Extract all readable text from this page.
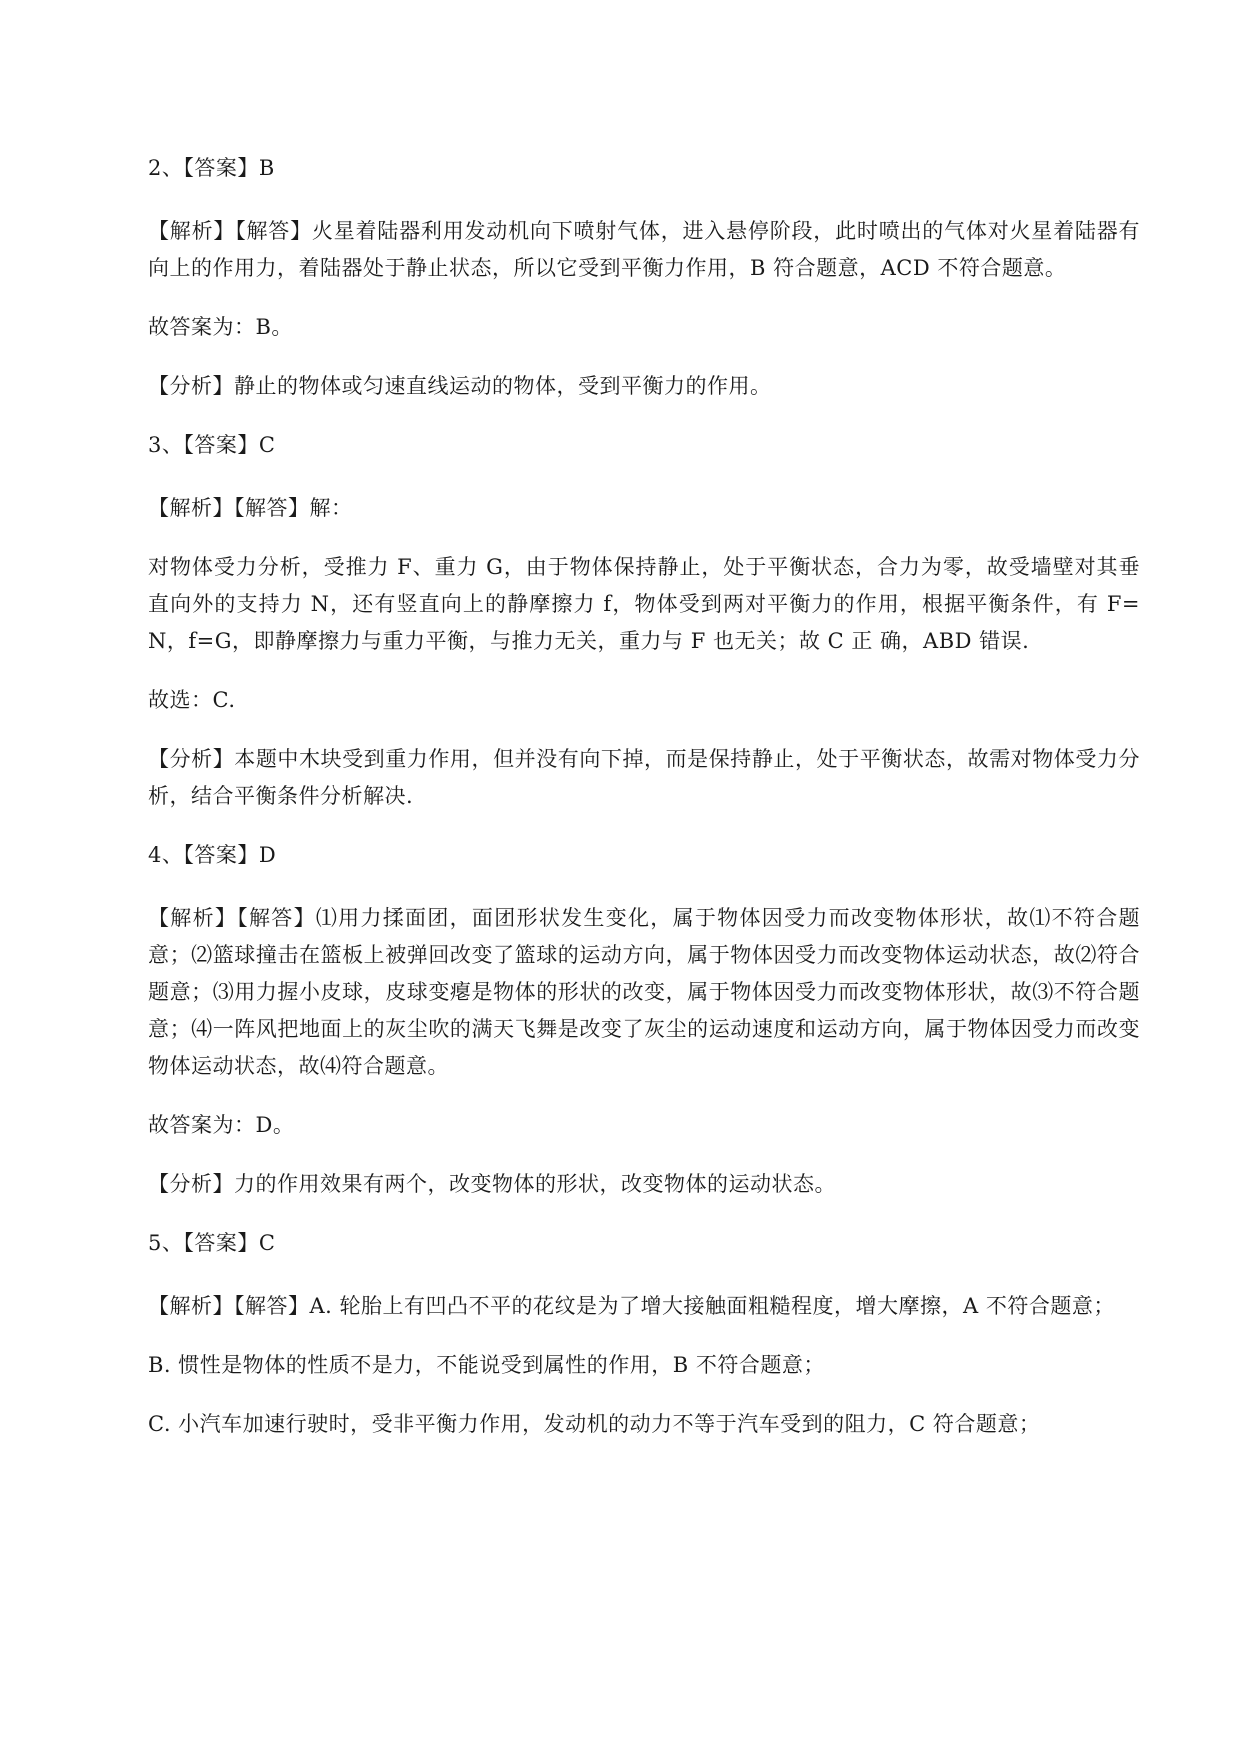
2、【答案】B

【解析】【解答】火星着陆器利用发动机向下喷射气体，进入悬停阶段，此时喷出的气体对火星着陆器有向上的作用力，着陆器处于静止状态，所以它受到平衡力作用，B 符合题意，ACD 不符合题意。

故答案为：B。

【分析】静止的物体或匀速直线运动的物体，受到平衡力的作用。

3、【答案】C

【解析】【解答】解：

对物体受力分析，受推力 F、重力 G，由于物体保持静止，处于平衡状态，合力为零，故受墙壁对其垂直向外的支持力 N，还有竖直向上的静摩擦力 f，物体受到两对平衡力的作用，根据平衡条件，有 F=N，f=G，即静摩擦力与重力平衡，与推力无关，重力与 F 也无关；故 C 正 确，ABD 错误.

故选：C.

【分析】本题中木块受到重力作用，但并没有向下掉，而是保持静止，处于平衡状态，故需对物体受力分析，结合平衡条件分析解决.

4、【答案】D

【解析】【解答】⑴用力揉面团，面团形状发生变化，属于物体因受力而改变物体形状，故⑴不符合题意；⑵篮球撞击在篮板上被弹回改变了篮球的运动方向，属于物体因受力而改变物体运动状态，故⑵符合题意；⑶用力握小皮球，皮球变瘪是物体的形状的改变，属于物体因受力而改变物体形状，故⑶不符合题意；⑷一阵风把地面上的灰尘吹的满天飞舞是改变了灰尘的运动速度和运动方向，属于物体因受力而改变物体运动状态，故⑷符合题意。

故答案为：D。

【分析】力的作用效果有两个，改变物体的形状，改变物体的运动状态。

5、【答案】C

【解析】【解答】A. 轮胎上有凹凸不平的花纹是为了增大接触面粗糙程度，增大摩擦，A 不符合题意；

B. 惯性是物体的性质不是力，不能说受到属性的作用，B 不符合题意；

C. 小汽车加速行驶时，受非平衡力作用，发动机的动力不等于汽车受到的阻力，C 符合题意；
